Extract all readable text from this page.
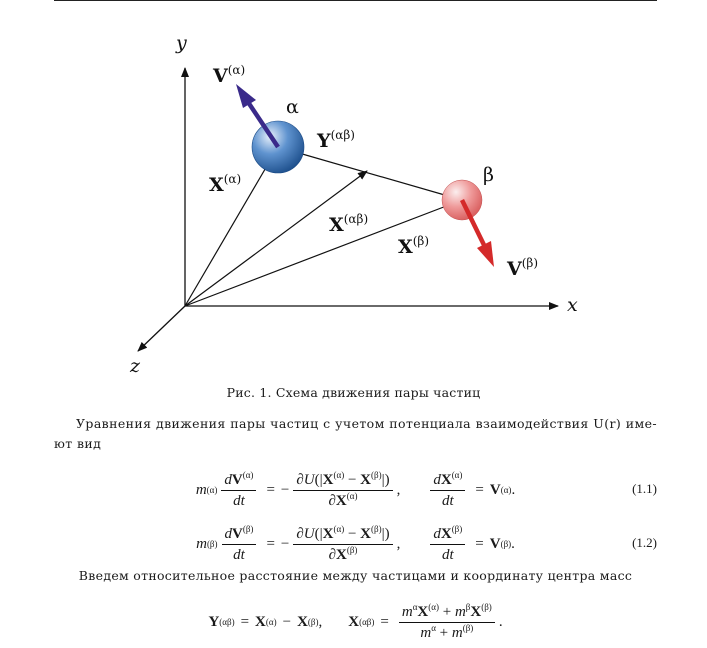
y
x
z
α
β
$V^{(\alpha)}$
$Y^{(\alpha\beta)}$
$X^{(\alpha)}$
$X^{(\alpha\beta)}$
$X^{(\beta)}$
$V^{(\beta)}$
Рис. 1. Схема движения пары частиц
Уравнения движения пары частиц с учетом потенциала взаимодействия U(r) име- ют вид
m $(\alpha) \frac{dV^{(\alpha)}}{dt}$ = − $\frac{\partial U(|X^{(\alpha)} - X^{(\beta)}|)}{\partial X^{(\alpha)}}$ , $\frac{dX^{(\alpha)}}{dt} = V$ (α) .	(1.1)
m $(\beta) \frac{dV^{(\beta)}}{dt}$ = − $\frac{\partial U(|X^{(\alpha)} - X^{(\beta)}|)}{\partial X^{(\beta)}}$ , $\frac{dX^{(\beta)}}{dt} = V$ (β) .	(1.2)
Введем относительное расстояние между частицами и координату центра масс
Y (αβ) = X (α) − X (β) , X $(\alpha\beta) = \frac{m^\alpha X^{(\alpha)} + m^\beta X^{(\beta)}}{m^\alpha + m^{(\beta)}}$ .
